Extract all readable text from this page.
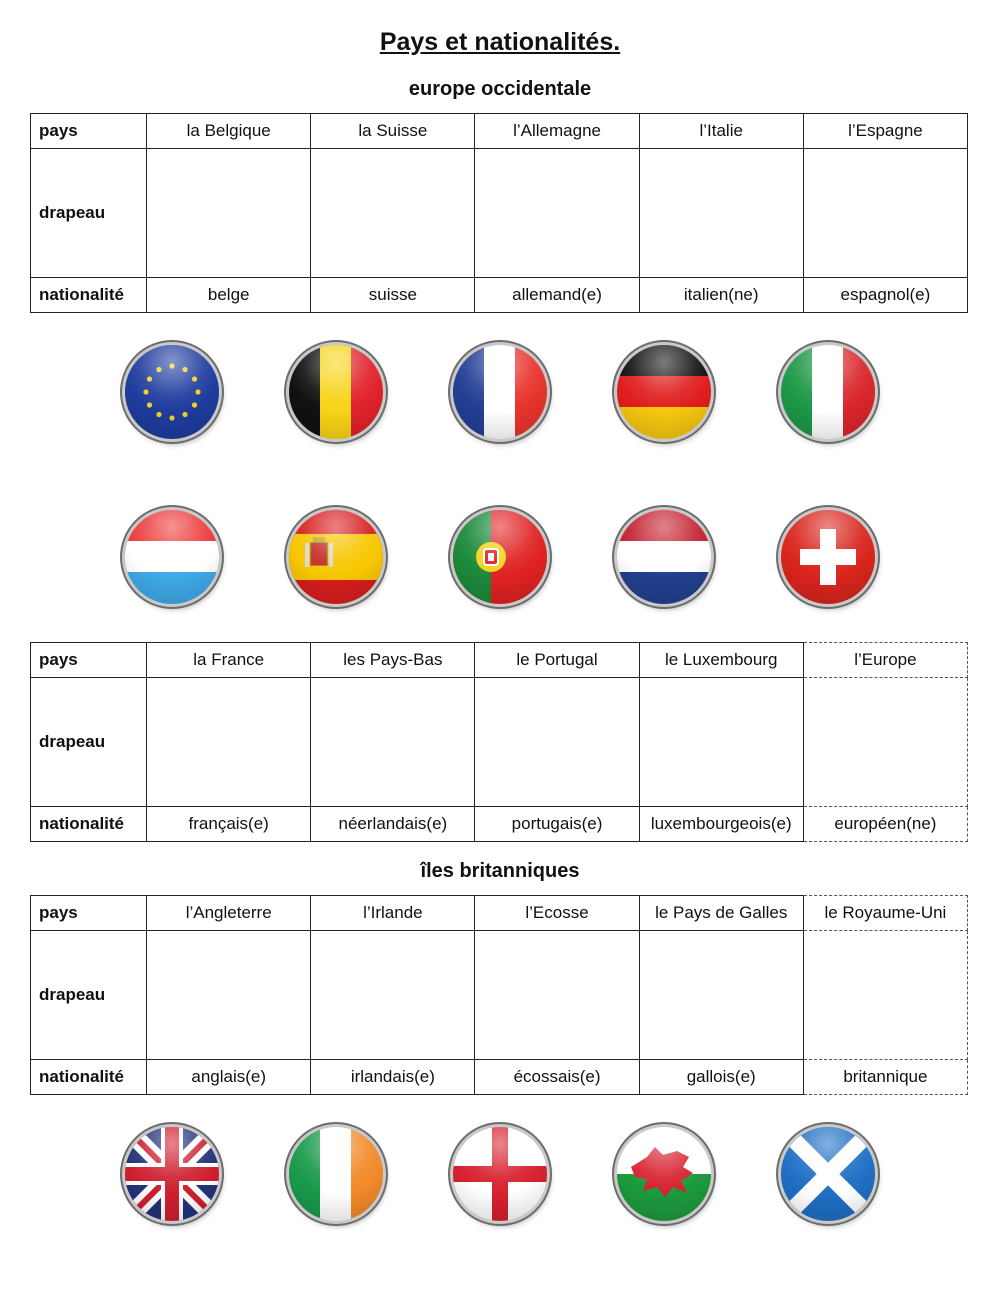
Pays et nationalités.
europe occidentale
pays	la Belgique	la Suisse	l’Allemagne	l’Italie	l’Espagne
drapeau					
nationalité	belge	suisse	allemand(e)	italien(ne)	espagnol(e)
pays	la France	les Pays-Bas	le Portugal	le Luxembourg	l’Europe
drapeau					
nationalité	français(e)	néerlandais(e)	portugais(e)	luxembourgeois(e)	européen(ne)
îles britanniques
pays	l’Angleterre	l’Irlande	l’Ecosse	le Pays de Galles	le Royaume-Uni
drapeau					
nationalité	anglais(e)	irlandais(e)	écossais(e)	gallois(e)	britannique
